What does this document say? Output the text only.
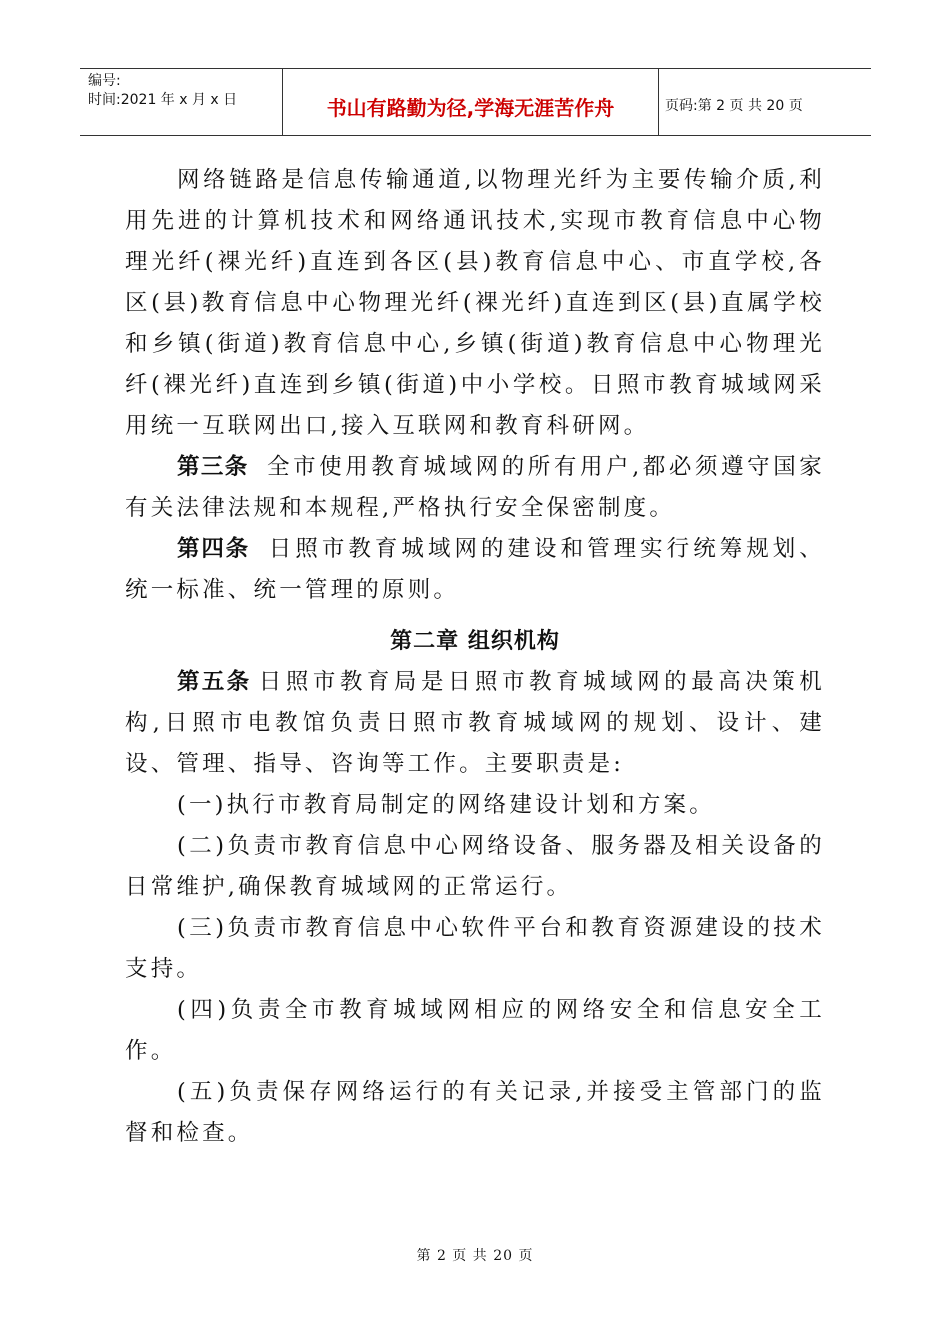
编号:
时间:2021 年 x 月 x 日	书山有路勤为径,学海无涯苦作舟	页码:第 2 页 共 20 页

网络链路是信息传输通道,以物理光纤为主要传输介质,利用先进的计算机技术和网络通讯技术,实现市教育信息中心物理光纤(裸光纤)直连到各区(县)教育信息中心、市直学校,各区(县)教育信息中心物理光纤(裸光纤)直连到区(县)直属学校和乡镇(街道)教育信息中心,乡镇(街道)教育信息中心物理光纤(裸光纤)直连到乡镇(街道)中小学校。日照市教育城域网采用统一互联网出口,接入互联网和教育科研网。

第三条 全市使用教育城域网的所有用户,都必须遵守国家有关法律法规和本规程,严格执行安全保密制度。

第四条 日照市教育城域网的建设和管理实行统筹规划、统一标准、统一管理的原则。

第二章 组织机构

第五条 日照市教育局是日照市教育城域网的最高决策机构,日照市电教馆负责日照市教育城域网的规划、设计、建设、管理、指导、咨询等工作。主要职责是:

(一)执行市教育局制定的网络建设计划和方案。

(二)负责市教育信息中心网络设备、服务器及相关设备的日常维护,确保教育城域网的正常运行。

(三)负责市教育信息中心软件平台和教育资源建设的技术支持。

(四)负责全市教育城域网相应的网络安全和信息安全工作。

(五)负责保存网络运行的有关记录,并接受主管部门的监督和检查。

第 2 页 共 20 页
